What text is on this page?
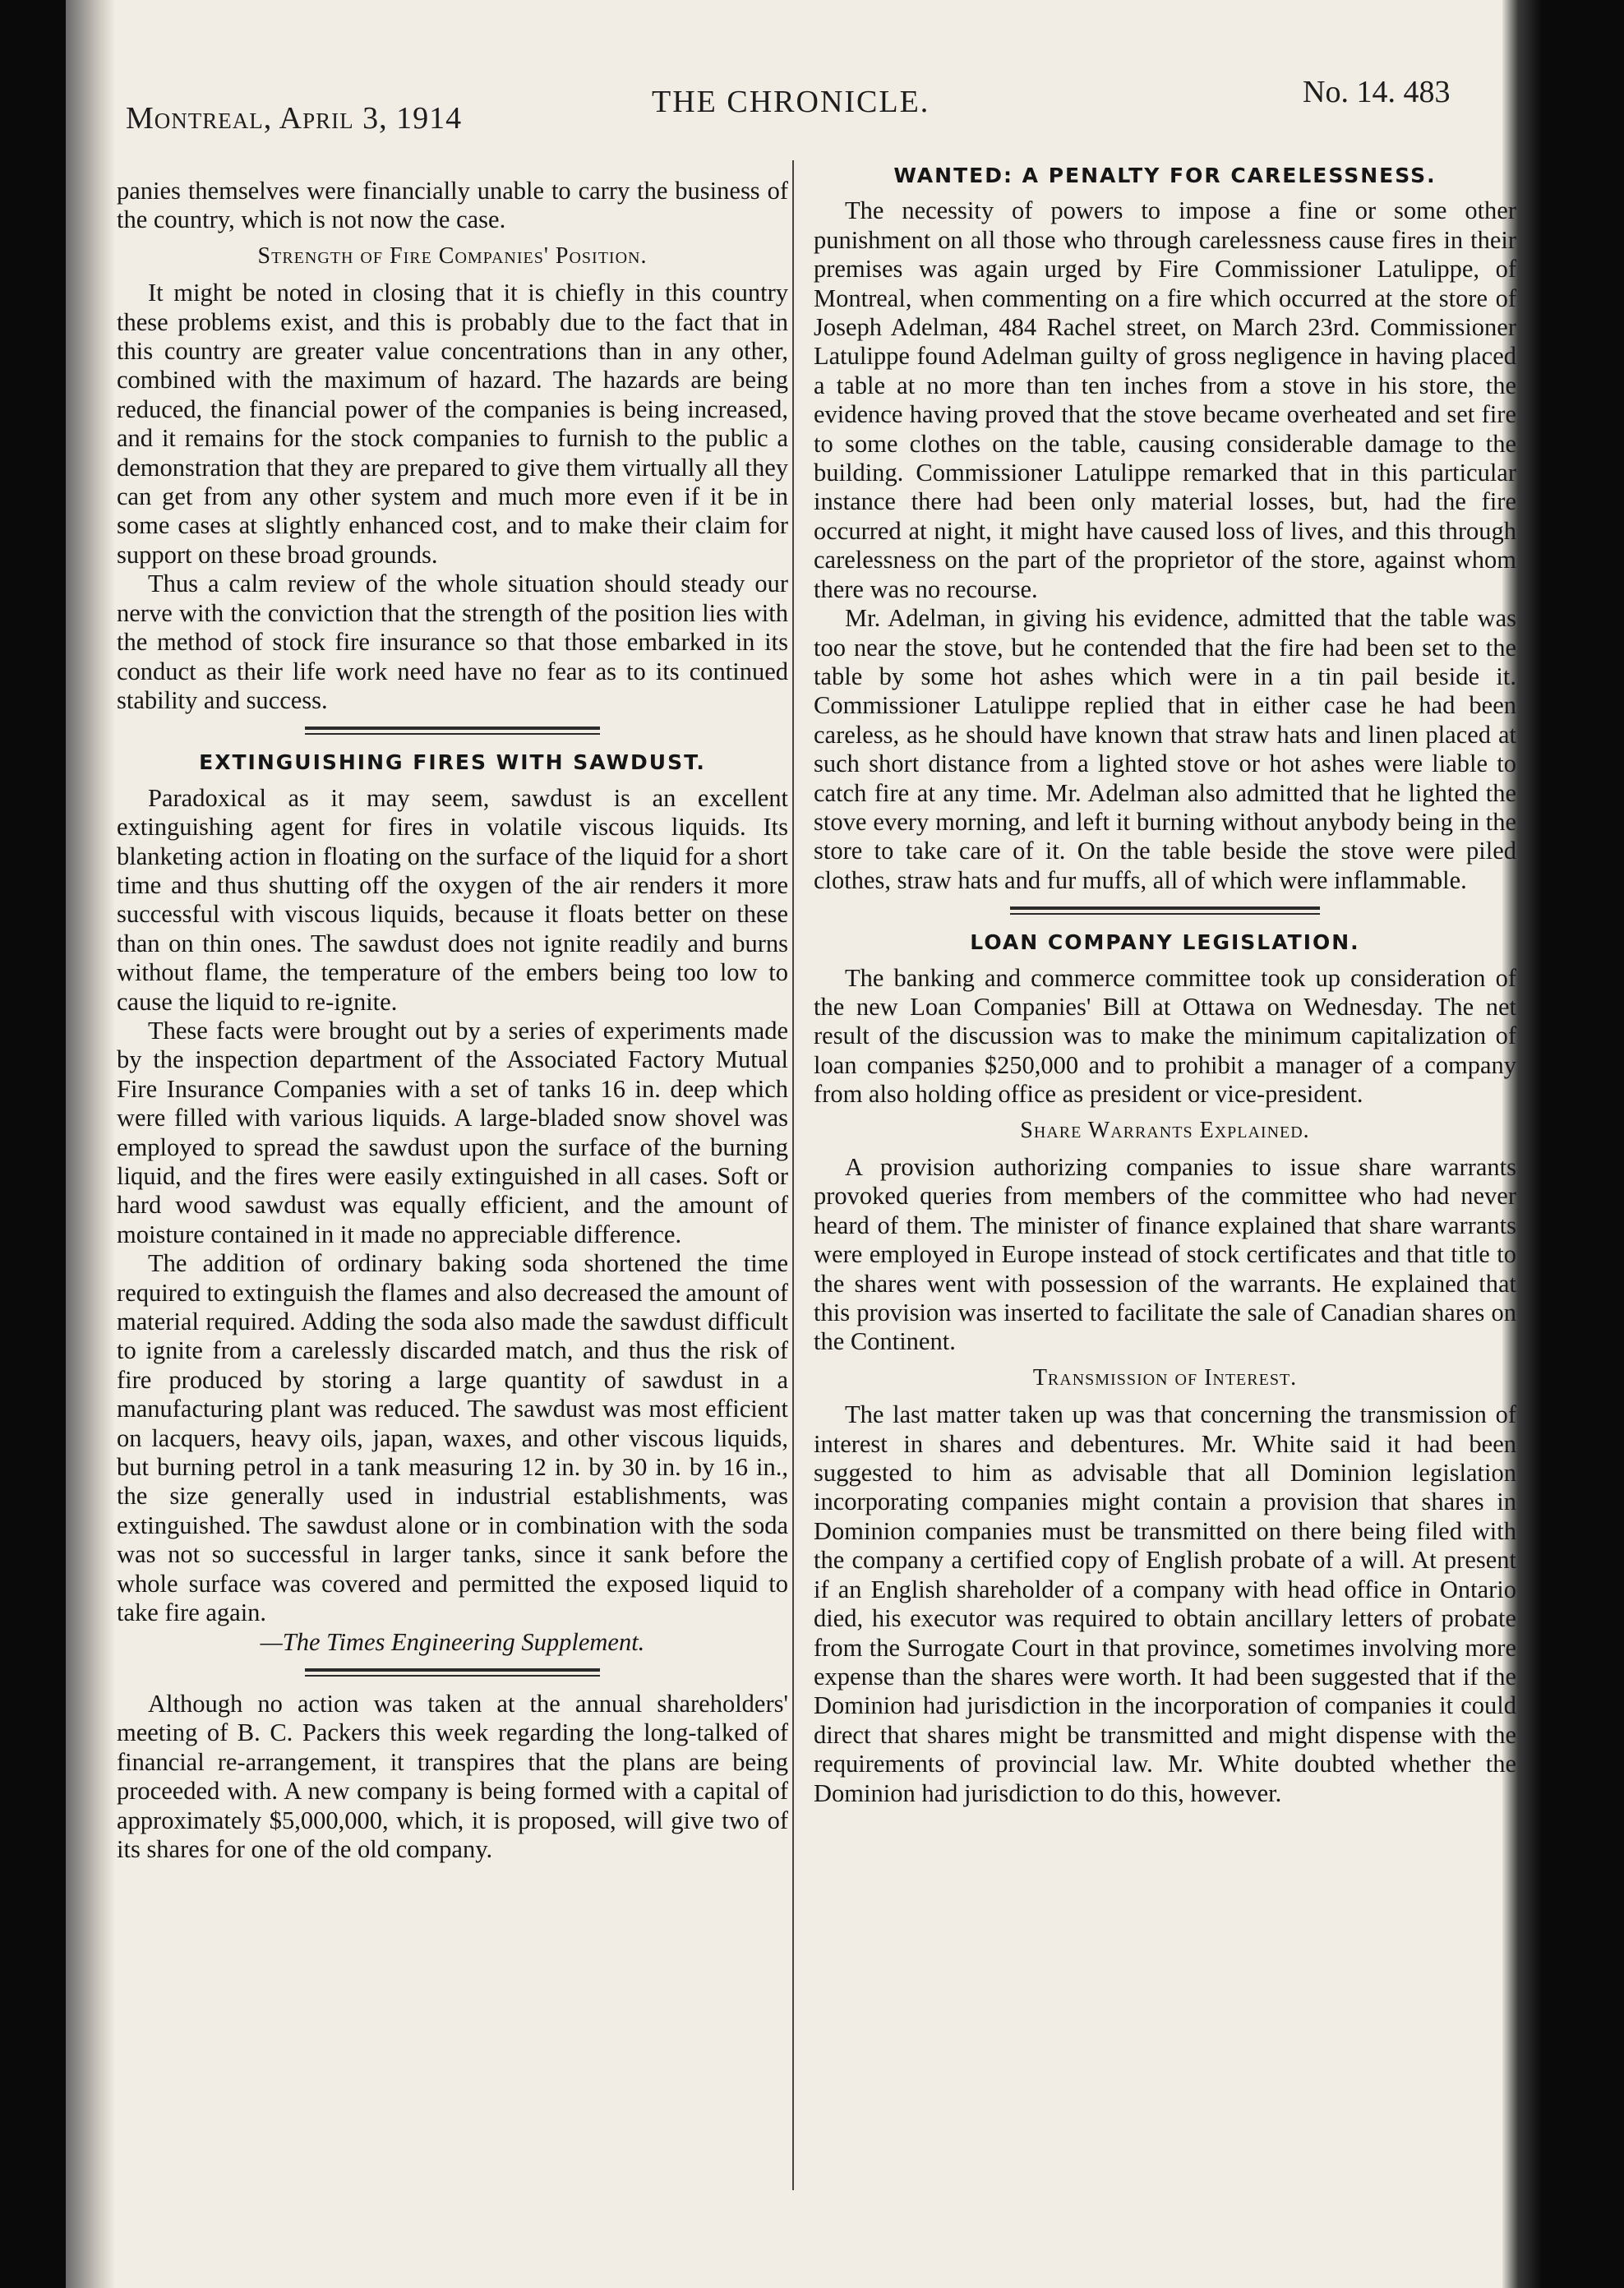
Montreal, April 3, 1914	THE CHRONICLE.	No. 14. 483

panies themselves were financially unable to carry the business of the country, which is not now the case.

Strength of Fire Companies' Position.

It might be noted in closing that it is chiefly in this country these problems exist, and this is probably due to the fact that in this country are greater value concentrations than in any other, combined with the maximum of hazard. The hazards are being reduced, the financial power of the companies is being increased, and it remains for the stock companies to furnish to the public a demonstration that they are prepared to give them virtually all they can get from any other system and much more even if it be in some cases at slightly enhanced cost, and to make their claim for support on these broad grounds.

Thus a calm review of the whole situation should steady our nerve with the conviction that the strength of the position lies with the method of stock fire insurance so that those embarked in its conduct as their life work need have no fear as to its continued stability and success.

EXTINGUISHING FIRES WITH SAWDUST.

Paradoxical as it may seem, sawdust is an excellent extinguishing agent for fires in volatile viscous liquids. Its blanketing action in floating on the surface of the liquid for a short time and thus shutting off the oxygen of the air renders it more successful with viscous liquids, because it floats better on these than on thin ones. The sawdust does not ignite readily and burns without flame, the temperature of the embers being too low to cause the liquid to re-ignite.

These facts were brought out by a series of experiments made by the inspection department of the Associated Factory Mutual Fire Insurance Companies with a set of tanks 16 in. deep which were filled with various liquids. A large-bladed snow shovel was employed to spread the sawdust upon the surface of the burning liquid, and the fires were easily extinguished in all cases. Soft or hard wood sawdust was equally efficient, and the amount of moisture contained in it made no appreciable difference.

The addition of ordinary baking soda shortened the time required to extinguish the flames and also decreased the amount of material required. Adding the soda also made the sawdust difficult to ignite from a carelessly discarded match, and thus the risk of fire produced by storing a large quantity of sawdust in a manufacturing plant was reduced. The sawdust was most efficient on lacquers, heavy oils, japan, waxes, and other viscous liquids, but burning petrol in a tank measuring 12 in. by 30 in. by 16 in., the size generally used in industrial establishments, was extinguished. The sawdust alone or in combination with the soda was not so successful in larger tanks, since it sank before the whole surface was covered and permitted the exposed liquid to take fire again.

—The Times Engineering Supplement.

Although no action was taken at the annual shareholders' meeting of B. C. Packers this week regarding the long-talked of financial re-arrangement, it transpires that the plans are being proceeded with. A new company is being formed with a capital of approximately $5,000,000, which, it is proposed, will give two of its shares for one of the old company.

WANTED: A PENALTY FOR CARELESSNESS.

The necessity of powers to impose a fine or some other punishment on all those who through carelessness cause fires in their premises was again urged by Fire Commissioner Latulippe, of Montreal, when commenting on a fire which occurred at the store of Joseph Adelman, 484 Rachel street, on March 23rd. Commissioner Latulippe found Adelman guilty of gross negligence in having placed a table at no more than ten inches from a stove in his store, the evidence having proved that the stove became overheated and set fire to some clothes on the table, causing considerable damage to the building. Commissioner Latulippe remarked that in this particular instance there had been only material losses, but, had the fire occurred at night, it might have caused loss of lives, and this through carelessness on the part of the proprietor of the store, against whom there was no recourse.

Mr. Adelman, in giving his evidence, admitted that the table was too near the stove, but he contended that the fire had been set to the table by some hot ashes which were in a tin pail beside it. Commissioner Latulippe replied that in either case he had been careless, as he should have known that straw hats and linen placed at such short distance from a lighted stove or hot ashes were liable to catch fire at any time. Mr. Adelman also admitted that he lighted the stove every morning, and left it burning without anybody being in the store to take care of it. On the table beside the stove were piled clothes, straw hats and fur muffs, all of which were inflammable.

LOAN COMPANY LEGISLATION.

The banking and commerce committee took up consideration of the new Loan Companies' Bill at Ottawa on Wednesday. The net result of the discussion was to make the minimum capitalization of loan companies $250,000 and to prohibit a manager of a company from also holding office as president or vice-president.

Share Warrants Explained.

A provision authorizing companies to issue share warrants provoked queries from members of the committee who had never heard of them. The minister of finance explained that share warrants were employed in Europe instead of stock certificates and that title to the shares went with possession of the warrants. He explained that this provision was inserted to facilitate the sale of Canadian shares on the Continent.

Transmission of Interest.

The last matter taken up was that concerning the transmission of interest in shares and debentures. Mr. White said it had been suggested to him as advisable that all Dominion legislation incorporating companies might contain a provision that shares in Dominion companies must be transmitted on there being filed with the company a certified copy of English probate of a will. At present if an English shareholder of a company with head office in Ontario died, his executor was required to obtain ancillary letters of probate from the Surrogate Court in that province, sometimes involving more expense than the shares were worth. It had been suggested that if the Dominion had jurisdiction in the incorporation of companies it could direct that shares might be transmitted and might dispense with the requirements of provincial law. Mr. White doubted whether the Dominion had jurisdiction to do this, however.
